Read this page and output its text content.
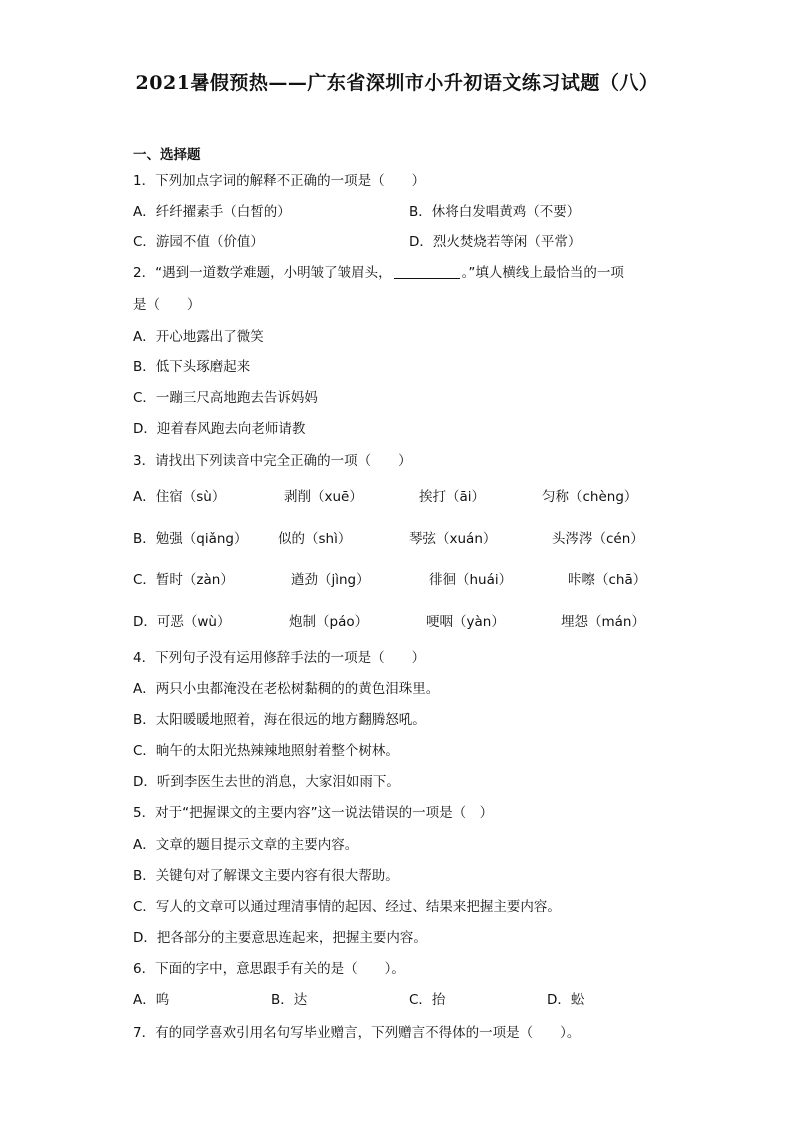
2021暑假预热——广东省深圳市小升初语文练习试题（八）
一、选择题
1．下列加点字词的解释不正确的一项是（　　）
A．纤纤擢素手（白皙的）	B．休将白发唱黄鸡（不要）
C．游园不值（价值）	D．烈火焚烧若等闲（平常）
2．“遇到一道数学难题，小明皱了皱眉头，	。”填人横线上最恰当的一项
是（　　）
A．开心地露出了微笑
B．低下头琢磨起来
C．一蹦三尺高地跑去告诉妈妈
D．迎着春风跑去向老师请教
3．请找出下列读音中完全正确的一项（　　）
A．住宿（sù）	剥削（xuē）	挨打（āi）	匀称（chèng）
B．勉强（qiǎng） 似的（shì）	琴弦（xuán）	头涔涔（cén）
C．暂时（zàn）	遒劲（jìng）	徘徊（huái）	咔嚓（chā）
D．可恶（wù）	炮制（páo）	哽咽（yàn）	埋怨（mán）
4．下列句子没有运用修辞手法的一项是（　　）
A．两只小虫都淹没在老松树黏稠的的黄色泪珠里。
B．太阳暖暖地照着，海在很远的地方翻腾怒吼。
C．晌午的太阳光热辣辣地照射着整个树林。
D．听到李医生去世的消息，大家泪如雨下。
5．对于“把握课文的主要内容”这一说法错误的一项是（　）
A．文章的题目提示文章的主要内容。
B．关键句对了解课文主要内容有很大帮助。
C．写人的文章可以通过理清事情的起因、经过、结果来把握主要内容。
D．把各部分的主要意思连起来，把握主要内容。
6．下面的字中，意思跟手有关的是（　　）。
A．呜	B．达	C．抬	D．蚣
7．有的同学喜欢引用名句写毕业赠言，下列赠言不得体的一项是（　　）。
